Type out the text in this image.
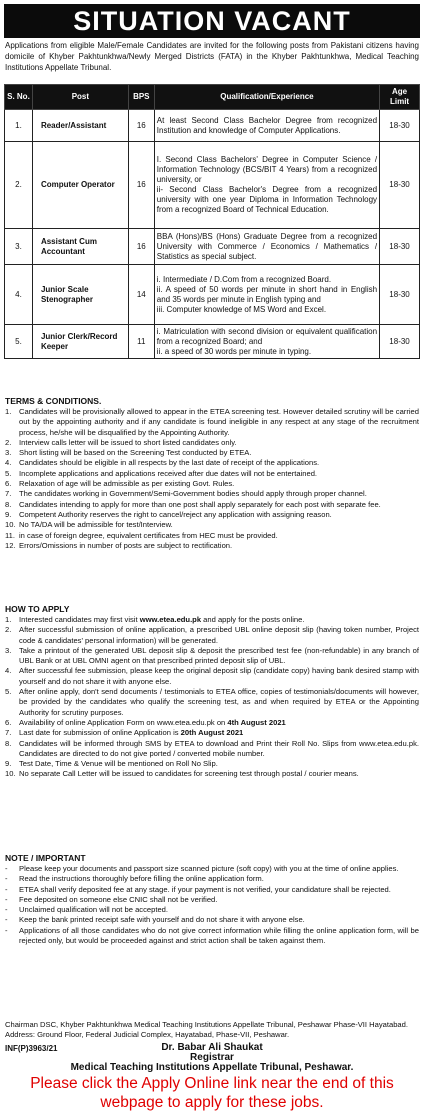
SITUATION VACANT
Applications from eligible Male/Female Candidates are invited for the following posts from Pakistani citizens having domicile of Khyber Pakhtunkhwa/Newly Merged Districts (FATA) in the Khyber Pakhtunkhwa, Medical Teaching Institutions Appellate Tribunal.
S. No.	Post	BPS	Qualification/Experience	Age Limit
1.	Reader/Assistant	16	At least Second Class Bachelor Degree from recognized Institution and knowledge of Computer Applications.	18-30
2.	Computer Operator	16	I. Second Class Bachelors' Degree in Computer Science / Information Technology (BCS/BIT 4 Years) from a recognized university, or
ii- Second Class Bachelor's Degree from a recognized university with one year Diploma in Information Technology from a recognized Board of Technical Education.	18-30
3.	Assistant Cum Accountant	16	BBA (Hons)/BS (Hons) Graduate Degree from a recognized University with Commerce / Economics / Mathematics / Statistics as special subject.	18-30
4.	Junior Scale Stenographer	14	i. Intermediate / D.Com from a recognized Board.
ii. A speed of 50 words per minute in short hand in English and 35 words per minute in English typing and
iii. Computer knowledge of MS Word and Excel.	18-30
5.	Junior Clerk/Record Keeper	11	i. Matriculation with second division or equivalent qualification from a recognized Board; and
ii. a speed of 30 words per minute in typing.	18-30
TERMS & CONDITIONS.
1.	Candidates will be provisionally allowed to appear in the ETEA screening test. However detailed scrutiny will be carried out by the appointing authority and if any candidate is found ineligible in any respect at any stage of the recruitment process, he/she will be disqualified by the Appointing Authority.
2.	Interview calls letter will be issued to short listed candidates only.
3.	Short listing will be based on the Screening Test conducted by ETEA.
4.	Candidates should be eligible in all respects by the last date of receipt of the applications.
5.	Incomplete applications and applications received after due dates will not be entertained.
6.	Relaxation of age will be admissible as per existing Govt. Rules.
7.	The candidates working in Government/Semi-Government bodies should apply through proper channel.
8.	Candidates intending to apply for more than one post shall apply separately for each post with separate fee.
9.	Competent Authority reserves the right to cancel/reject any application with assigning reason.
10. No TA/DA will be admissible for test/Interview.
11. in case of foreign degree, equivalent certificates from HEC must be provided.
12. Errors/Omissions in number of posts are subject to rectification.
HOW TO APPLY
1.	Interested candidates may first visit www.etea.edu.pk and apply for the posts online.
2.	After successful submission of online application, a prescribed UBL online deposit slip (having token number, Project code & candidates' personal information) will be generated.
3.	Take a printout of the generated UBL deposit slip & deposit the prescribed test fee (non-refundable) in any branch of UBL Bank or at UBL OMNI agent on that prescribed printed deposit slip of UBL.
4.	After successful fee submission, please keep the original deposit slip (candidate copy) having bank desired stamp with yourself and do not share it with anyone else.
5.	After online apply, don't send documents / testimonials to ETEA office, copies of testimonials/documents will however, be provided by the candidates who qualify the screening test, as and when required by ETEA or the Appointing Authority for scrutiny purposes.
6.	Availability of online Application Form on www.etea.edu.pk on 4th August 2021
7.	Last date for submission of online Application is 20th August 2021
8.	Candidates will be informed through SMS by ETEA to download and Print their Roll No. Slips from www.etea.edu.pk. Candidates are directed to do not give ported / converted mobile number.
9.	Test Date, Time & Venue will be mentioned on Roll No Slip.
10. No separate Call Letter will be issued to candidates for screening test through postal / courier means.
NOTE / IMPORTANT
-	Please keep your documents and passport size scanned picture (soft copy) with you at the time of online applies.
-	Read the instructions thoroughly before filling the online application form.
-	ETEA shall verify deposited fee at any stage. if your payment is not verified, your candidature shall be rejected.
-	Fee deposited on someone else CNIC shall not be verified.
-	Unclaimed qualification will not be accepted.
-	Keep the bank printed receipt safe with yourself and do not share it with anyone else.
-	Applications of all those candidates who do not give correct information while filling the online application form, will be rejected only, but would be proceeded against and strict action shall be taken against them.
Chairman DSC, Khyber Pakhtunkhwa Medical Teaching Institutions Appellate Tribunal, Peshawar Phase-VII Hayatabad. Address: Ground Floor, Federal Judicial Complex, Hayatabad, Phase-VII, Peshawar.
INF(P)3963/21	Dr. Babar Ali Shaukat
Registrar
Please click the Apply Online link near the end of this webpage to apply for these jobs.
Medical Teaching Institutions Appellate Tribunal, Peshawar.
